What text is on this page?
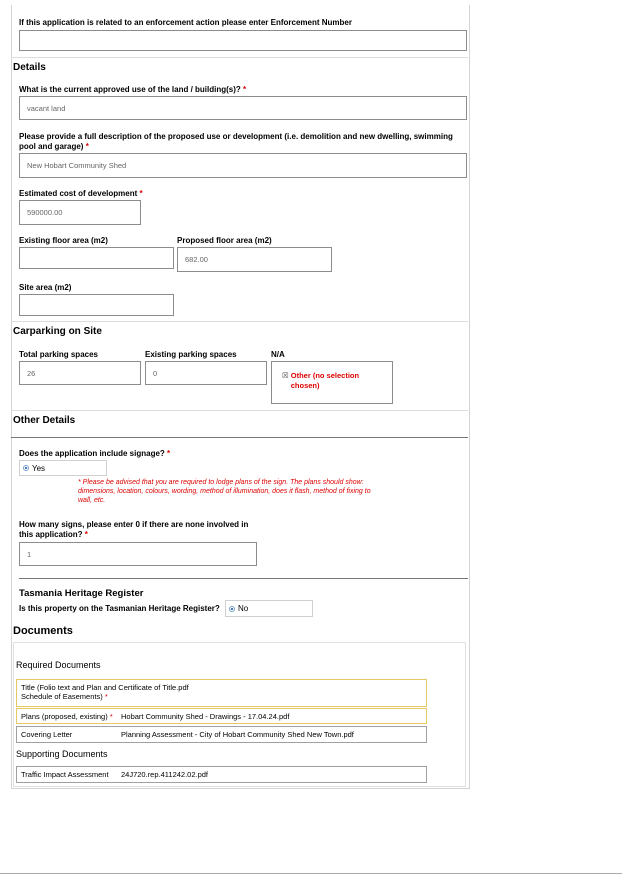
If this application is related to an enforcement action please enter Enforcement Number
Details
What is the current approved use of the land / building(s)? *
vacant land
Please provide a full description of the proposed use or development (i.e. demolition and new dwelling, swimming
pool and garage) *
New Hobart Community Shed
Estimated cost of development *
590000.00
Existing floor area (m2)	Proposed floor area (m2)
682.00
Site area (m2)
Carparking on Site
Total parking spaces
26
Existing parking spaces
0
N/A
☒ Other (no selection
chosen)
Other Details
Does the application include signage? *
Yes
* Please be advised that you are required to lodge plans of the sign. The plans should show:
dimensions, location, colours, wording, method of illumination, does it flash, method of fixing to
wall, etc.
How many signs, please enter 0 if there are none involved in
this application? *
1
Tasmania Heritage Register
Is this property on the Tasmanian Heritage Register? No
Documents
Required Documents
Title (Folio text and Plan and Certificate of Title.pdf
Schedule of Easements) *
Plans (proposed, existing) * Hobart Community Shed - Drawings - 17.04.24.pdf
Covering Letter	Planning Assessment - City of Hobart Community Shed New Town.pdf
Supporting Documents
Traffic Impact Assessment 24J720.rep.411242.02.pdf
